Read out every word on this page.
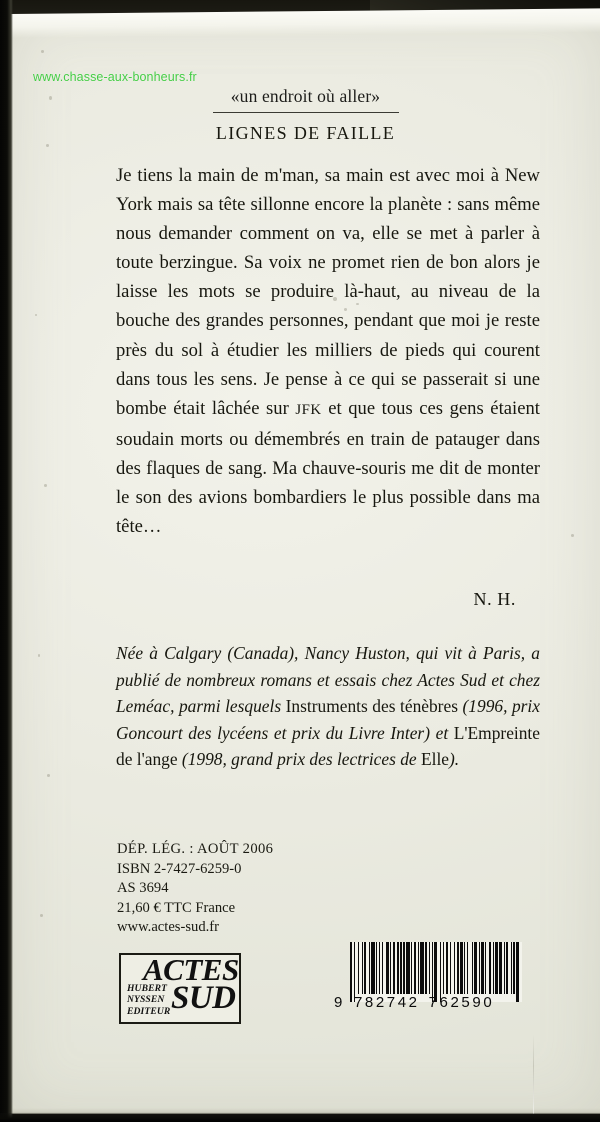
www.chasse-aux-bonheurs.fr
«un endroit où aller»
LIGNES DE FAILLE
Je tiens la main de m'man, sa main est avec moi à New York mais sa tête sillonne encore la planète : sans même nous demander comment on va, elle se met à parler à toute berzingue. Sa voix ne promet rien de bon alors je laisse les mots se produire là-haut, au niveau de la bouche des grandes personnes, pendant que moi je reste près du sol à étudier les milliers de pieds qui courent dans tous les sens. Je pense à ce qui se passerait si une bombe était lâchée sur JFK et que tous ces gens étaient soudain morts ou démembrés en train de patauger dans des flaques de sang. Ma chauve-souris me dit de monter le son des avions bombardiers le plus possible dans ma tête…
N. H.
Née à Calgary (Canada), Nancy Huston, qui vit à Paris, a publié de nombreux romans et essais chez Actes Sud et chez Leméac, parmi lesquels Instruments des ténèbres (1996, prix Goncourt des lycéens et prix du Livre Inter) et L'Empreinte de l'ange (1998, grand prix des lectrices de Elle).
DÉP. LÉG. : AOÛT 2006
ISBN 2-7427-6259-0
AS 3694
21,60 € TTC France
www.actes-sud.fr
ACTES
SUD
HUBERT
NYSSEN
EDITEUR
9 782742 762590
